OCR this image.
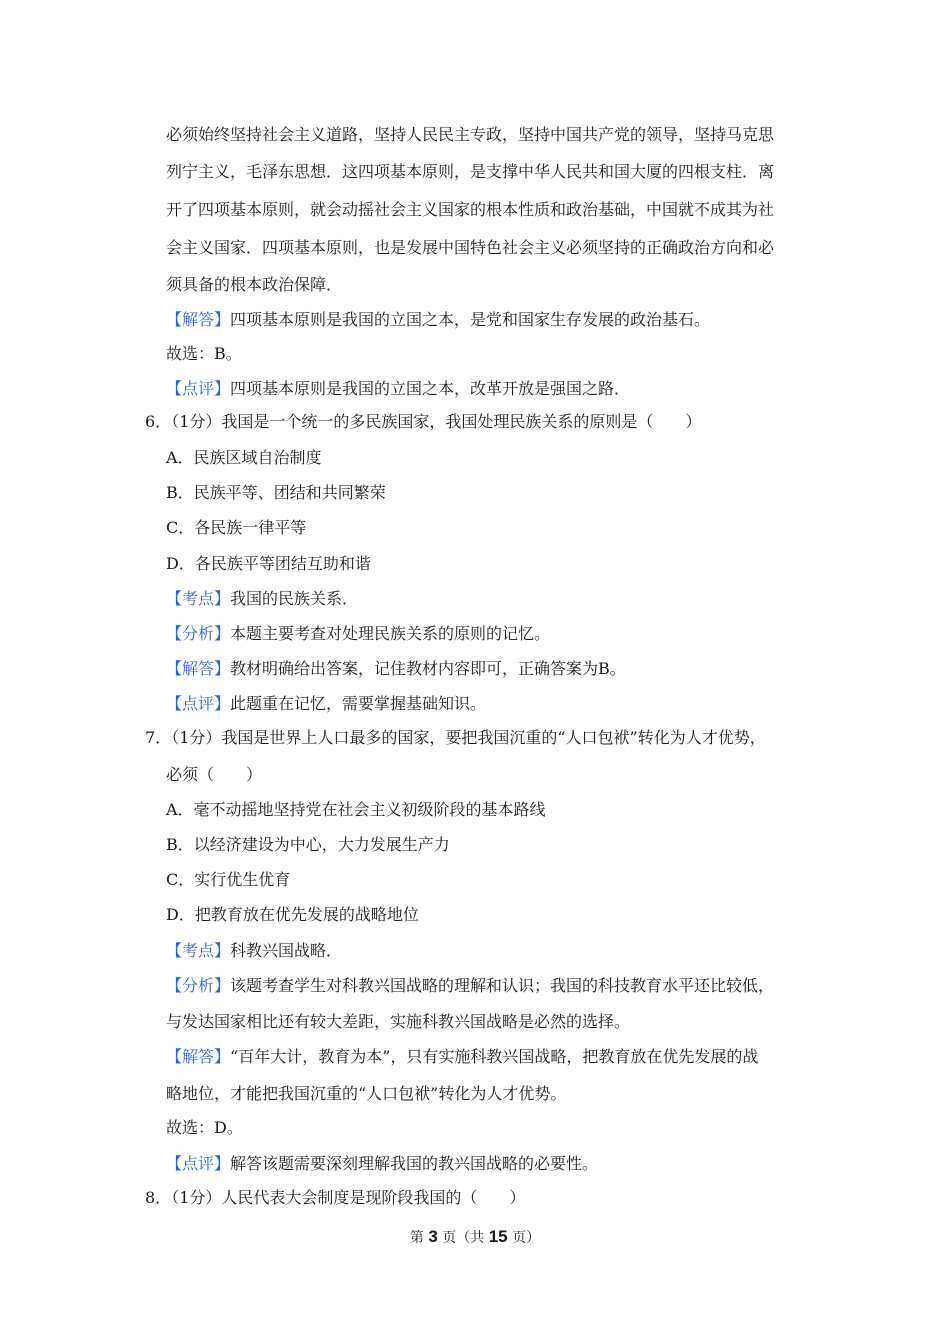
必须始终坚持社会主义道路，坚持人民民主专政，坚持中国共产党的领导，坚持马克思
列宁主义，毛泽东思想．这四项基本原则，是支撑中华人民共和国大厦的四根支柱．离
开了四项基本原则，就会动摇社会主义国家的根本性质和政治基础，中国就不成其为社
会主义国家．四项基本原则，也是发展中国特色社会主义必须坚持的正确政治方向和必
须具备的根本政治保障．
【解答】四项基本原则是我国的立国之本，是党和国家生存发展的政治基石。
故选：B。
【点评】四项基本原则是我国的立国之本，改革开放是强国之路．
6．（1分）我国是一个统一的多民族国家，我国处理民族关系的原则是（　　）
A．民族区域自治制度
B．民族平等、团结和共同繁荣
C．各民族一律平等
D．各民族平等团结互助和谐
【考点】我国的民族关系．
【分析】本题主要考查对处理民族关系的原则的记忆。
【解答】教材明确给出答案，记住教材内容即可，正确答案为B。
【点评】此题重在记忆，需要掌握基础知识。
7．（1分）我国是世界上人口最多的国家，要把我国沉重的“人口包袱”转化为人才优势，
必须（　　）
A．毫不动摇地坚持党在社会主义初级阶段的基本路线
B．以经济建设为中心，大力发展生产力
C．实行优生优育
D．把教育放在优先发展的战略地位
【考点】科教兴国战略．
【分析】该题考查学生对科教兴国战略的理解和认识；我国的科技教育水平还比较低，
与发达国家相比还有较大差距，实施科教兴国战略是必然的选择。
【解答】“百年大计，教育为本”，只有实施科教兴国战略，把教育放在优先发展的战
略地位，才能把我国沉重的“人口包袱”转化为人才优势。
故选：D。
【点评】解答该题需要深刻理解我国的教兴国战略的必要性。
8．（1分）人民代表大会制度是现阶段我国的（　　）
第 3 页（共 15 页）
